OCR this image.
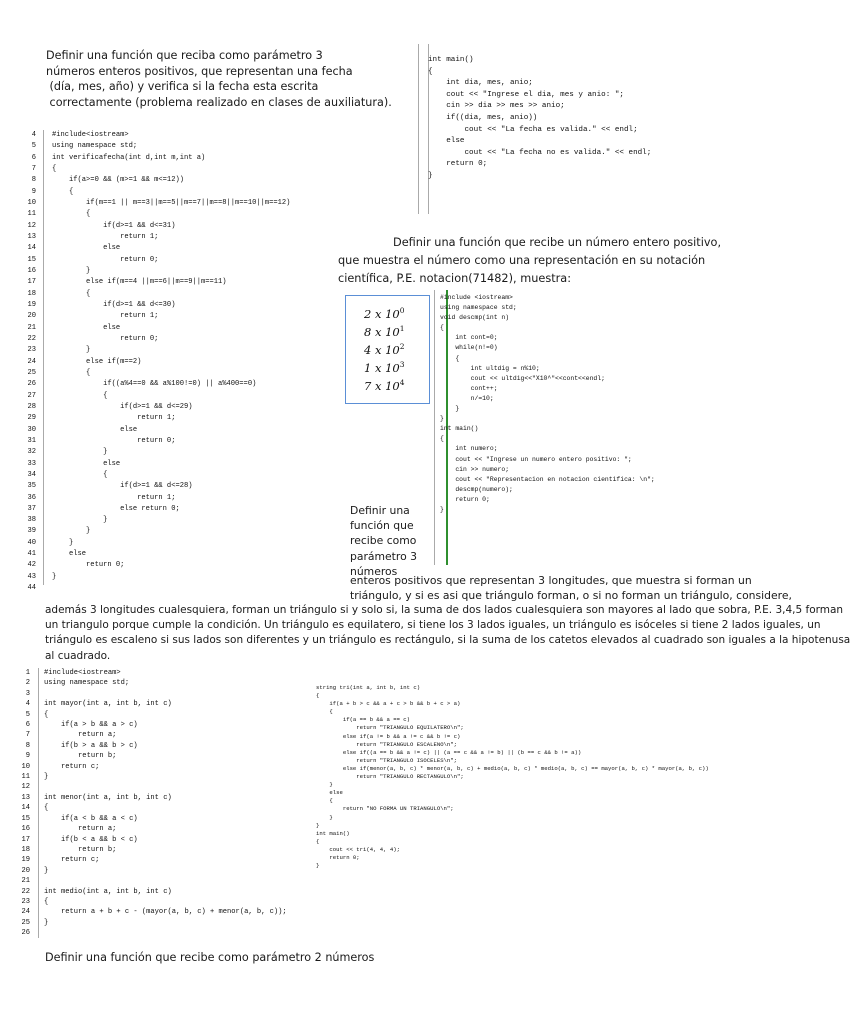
Definir una función que reciba como parámetro 3
números enteros positivos, que representan una fecha
(día, mes, año) y verifica si la fecha esta escrita
correctamente (problema realizado en clases de auxiliatura).
4 #include<iostream>
5 using namespace std;
6 int verificafecha(int d,int m,int a)
7 {
8 if(a>=0 && (m>=1 && m<=12))
9 {
10 if(m==1 || m==3||m==5||m==7||m==8||m==10||m==12)
11 {
12 if(d>=1 && d<=31)
13 return 1;
14 else
15 return 0;
16 }
17 else if(m==4 ||m==6||m==9||m==11)
18 {
19 if(d>=1 && d<=30)
20 return 1;
21 else
22 return 0;
23 }
24 else if(m==2)
25 {
26 if((a%4==0 && a%100!=0) || a%400==0)
27 {
28 if(d>=1 && d<=29)
29 return 1;
30 else
31 return 0;
32 }
33 else
34 {
35 if(d>=1 && d<=28)
36 return 1;
37 else return 0;
38 }
39 }
40 }
41 else
42 return 0;
43 }
44
int main()
{
int dia, mes, anio;
cout << "Ingrese el dia, mes y anio: ";
cin >> dia >> mes >> anio;
if((dia, mes, anio))
cout << "La fecha es valida." << endl;
else
cout << "La fecha no es valida." << endl;
return 0;
}
Definir una función que recibe un número entero positivo,
que muestra el número como una representación en su notación
científica, P.E. notacion(71482), muestra:
2 x $10^0$
8 x $10^1$
4 x $10^2$
1 x $10^3$
7 x $10^4$
#include <iostream>
using namespace std;
void descmp(int n)
{
int cont=0;
while(n!=0)
{
int ultdig = n%10;
cout << ultdig<<"X10^"<<cont<<endl;
cont++;
n/=10;
}
}
int main()
{
int numero;
cout << "Ingrese un numero entero positivo: ";
cin >> numero;
cout << "Representacion en notacion cientifica: \n";
descmp(numero);
return 0;
}
Definir una
función que
recibe como
parámetro 3
números
enteros positivos que representan 3 longitudes, que muestra si forman un
triángulo, y si es asi que triángulo forman, o si no forman un triángulo, considere,
además 3 longitudes cualesquiera, forman un triángulo si y solo si, la suma de dos lados cualesquiera son mayores al lado que sobra, P.E. 3,4,5 forman
un triangulo porque cumple la condición. Un triángulo es equilatero, si tiene los 3 lados iguales, un triángulo es isóceles si tiene 2 lados iguales, un
triángulo es escaleno si sus lados son diferentes y un triángulo es rectángulo, si la suma de los catetos elevados al cuadrado son iguales a la hipotenusa
al cuadrado.
1 #include<iostream>
2 using namespace std;
3
4 int mayor(int a, int b, int c)
5 {
6 if(a > b && a > c)
7 return a;
8 if(b > a && b > c)
9 return b;
10 return c;
11 }
12
13 int menor(int a, int b, int c)
14 {
15 if(a < b && a < c)
16 return a;
17 if(b < a && b < c)
18 return b;
19 return c;
20 }
21
22 int medio(int a, int b, int c)
23 {
24 return a + b + c - (mayor(a, b, c) + menor(a, b, c));
25 }
26
string tri(int a, int b, int c)
{
if(a + b > c && a + c > b && b + c > a)
{
if(a == b && a == c)
return "TRIANGULO EQUILATERO\n";
else if(a != b && a != c && b != c)
return "TRIANGULO ESCALENO\n";
else if((a == b && a != c) || (a == c && a != b) || (b == c && b != a))
return "TRIANGULO ISOCELES\n";
else if(menor(a, b, c) * menor(a, b, c) + medio(a, b, c) * medio(a, b, c) == mayor(a, b, c) * mayor(a, b, c))
return "TRIANGULO RECTANGULO\n";
}
else
{
return "NO FORMA UN TRIANGULO\n";
}
}
int main()
{
cout << tri(4, 4, 4);
return 0;
}
Definir una función que recibe como parámetro 2 números
